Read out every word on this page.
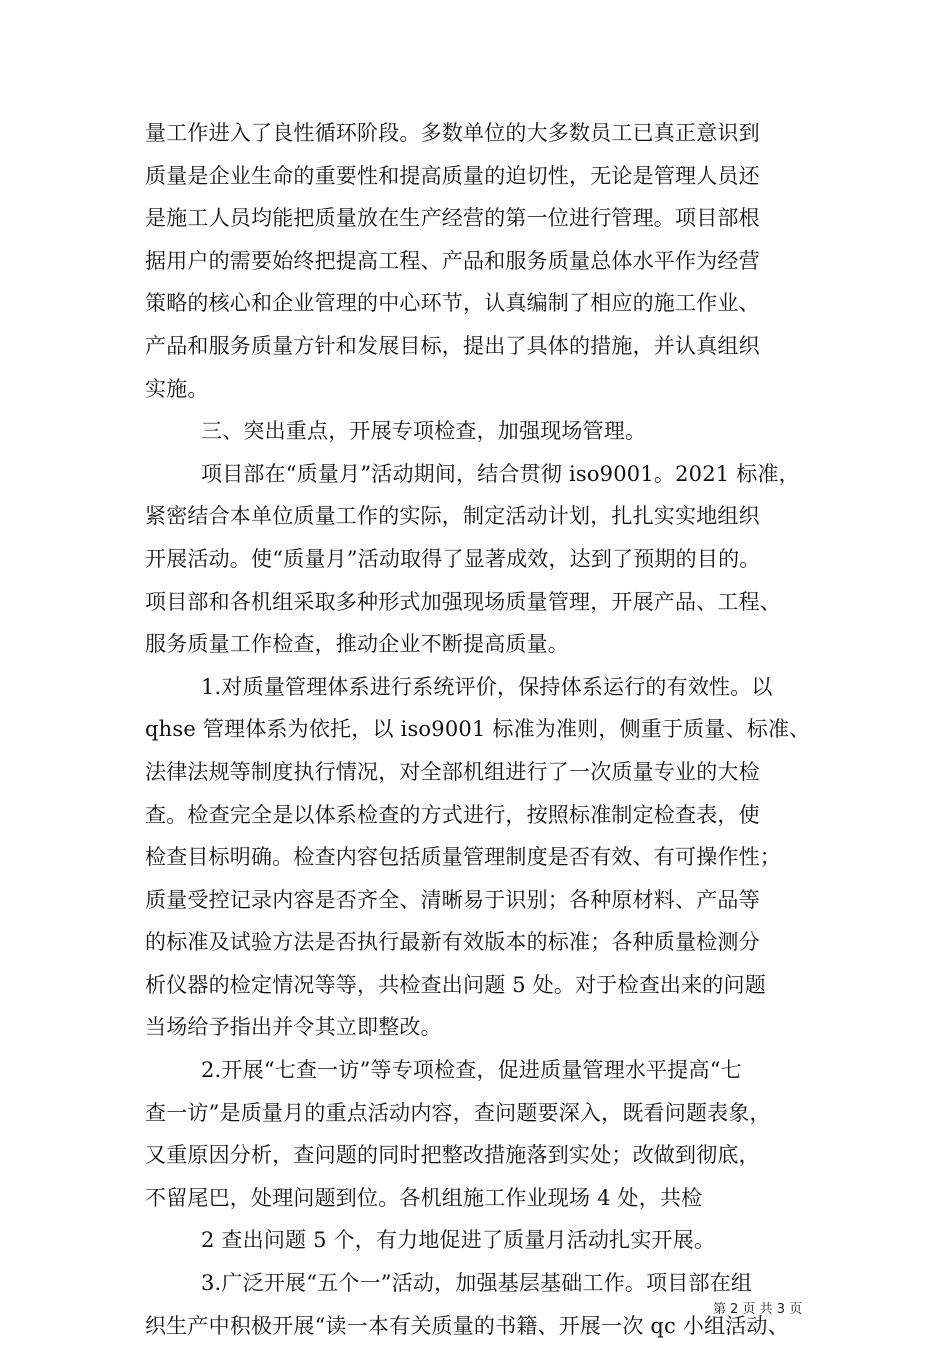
量工作进入了良性循环阶段。多数单位的大多数员工已真正意识到
质量是企业生命的重要性和提高质量的迫切性，无论是管理人员还
是施工人员均能把质量放在生产经营的第一位进行管理。项目部根
据用户的需要始终把提高工程、产品和服务质量总体水平作为经营
策略的核心和企业管理的中心环节，认真编制了相应的施工作业、
产品和服务质量方针和发展目标，提出了具体的措施，并认真组织
实施。
三、突出重点，开展专项检查，加强现场管理。
项目部在“质量月”活动期间，结合贯彻 iso9001。2021 标准，
紧密结合本单位质量工作的实际，制定活动计划，扎扎实实地组织
开展活动。使“质量月”活动取得了显著成效，达到了预期的目的。
项目部和各机组采取多种形式加强现场质量管理，开展产品、工程、
服务质量工作检查，推动企业不断提高质量。
1.对质量管理体系进行系统评价，保持体系运行的有效性。以
qhse 管理体系为依托，以 iso9001 标准为准则，侧重于质量、标准、
法律法规等制度执行情况，对全部机组进行了一次质量专业的大检
查。检查完全是以体系检查的方式进行，按照标准制定检查表，使
检查目标明确。检查内容包括质量管理制度是否有效、有可操作性；
质量受控记录内容是否齐全、清晰易于识别；各种原材料、产品等
的标准及试验方法是否执行最新有效版本的标准；各种质量检测分
析仪器的检定情况等等，共检查出问题 5 处。对于检查出来的问题
当场给予指出并令其立即整改。
2.开展“七查一访”等专项检查，促进质量管理水平提高“七
查一访”是质量月的重点活动内容，查问题要深入，既看问题表象，
又重原因分析，查问题的同时把整改措施落到实处；改做到彻底，
不留尾巴，处理问题到位。各机组施工作业现场 4 处，共检
2 查出问题 5 个，有力地促进了质量月活动扎实开展。
3.广泛开展“五个一”活动，加强基层基础工作。项目部在组
织生产中积极开展“读一本有关质量的书籍、开展一次 qc 小组活动、
第 2 页 共 3 页
